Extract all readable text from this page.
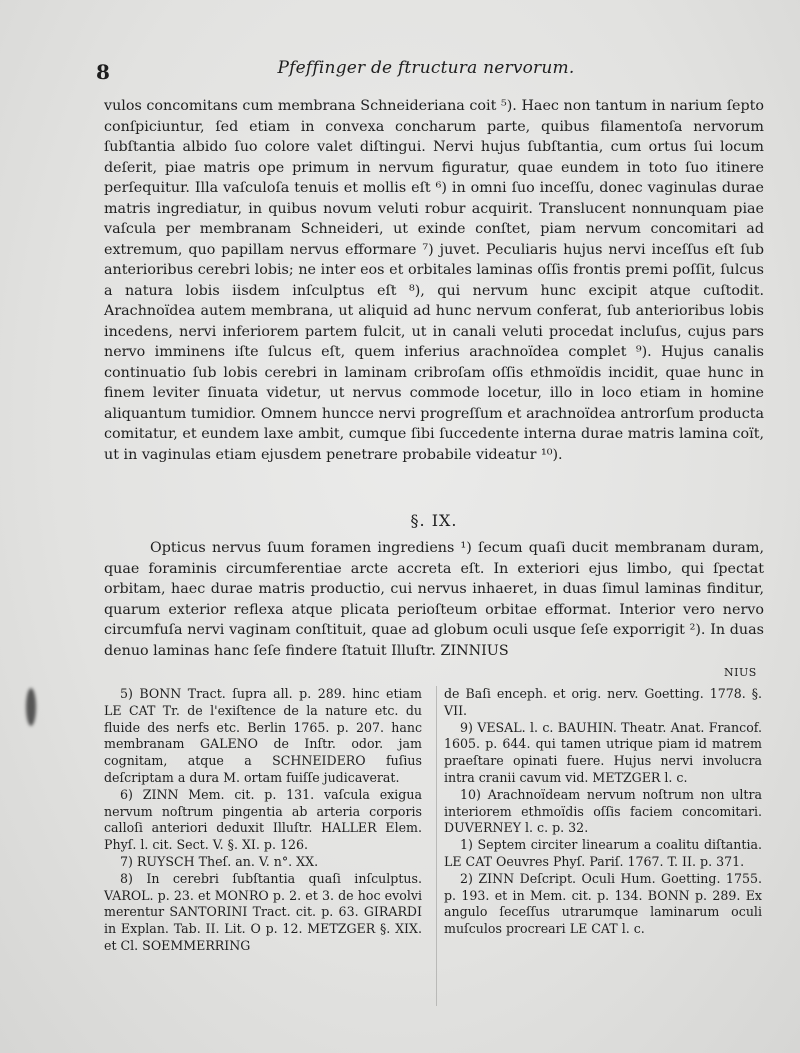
8	Pfeffinger de ftructura nervorum.

vulos concomitans cum membrana Schneideriana coit ⁵). Haec non tantum in narium ſepto conſpiciuntur, ſed etiam in convexa concharum parte, quibus filamentoſa nervorum ſubſtantia albido ſuo colore valet diſtingui. Nervi hujus ſubſtantia, cum ortus ſui locum deſerit, piae matris ope primum in nervum figuratur, quae eundem in toto ſuo itinere perſequitur. Illa vaſculoſa tenuis et mollis eſt ⁶) in omni ſuo inceſſu, donec vaginulas durae matris ingrediatur, in quibus novum veluti robur acquirit. Translucent nonnunquam piae vaſcula per membranam Schneideri, ut exinde conſtet, piam nervum concomitari ad extremum, quo papillam nervus efformare ⁷) juvet. Peculiaris hujus nervi inceſſus eſt ſub anterioribus cerebri lobis; ne inter eos et orbitales laminas oſſis frontis premi poſſit, ſulcus a natura lobis iisdem inſculptus eſt ⁸), qui nervum hunc excipit atque cuſtodit. Arachnoïdea autem membrana, ut aliquid ad hunc nervum conferat, ſub anterioribus lobis incedens, nervi inferiorem partem fulcit, ut in canali veluti procedat incluſus, cujus pars nervo imminens iſte ſulcus eſt, quem inferius arachnoïdea complet ⁹). Hujus canalis continuatio ſub lobis cerebri in laminam cribroſam oſſis ethmoïdis incidit, quae hunc in finem leviter ſinuata videtur, ut nervus commode locetur, illo in loco etiam in homine aliquantum tumidior. Omnem huncce nervi progreſſum et arachnoïdea antrorſum producta comitatur, et eundem laxe ambit, cumque ſibi ſuccedente interna durae matris lamina coït, ut in vaginulas etiam ejusdem penetrare probabile videatur ¹⁰).

§. IX.

Opticus nervus ſuum foramen ingrediens ¹) ſecum quaſi ducit membranam duram, quae foraminis circumferentiae arcte accreta eſt. In exteriori ejus limbo, qui ſpectat orbitam, haec durae matris productio, cui nervus inhaeret, in duas ſimul laminas finditur, quarum exterior reflexa atque plicata perioſteum orbitae efformat. Interior vero nervo circumfuſa nervi vaginam conſtituit, quae ad globum oculi usque ſeſe exporrigit ²). In duas denuo laminas hanc ſeſe findere ſtatuit Illuſtr. ZINNIUS

NIUS

5) BONN Tract. ſupra all. p. 289. hinc etiam LE CAT Tr. de l'exiſtence de la nature etc. du fluide des nerfs etc. Berlin 1765. p. 207. hanc membranam GALENO de Inſtr. odor. jam cognitam, atque a SCHNEIDERO fuſius deſcriptam a dura M. ortam fuiſſe judicaverat.

6) ZINN Mem. cit. p. 131. vaſcula exigua nervum noſtrum pingentia ab arteria corporis calloſi anteriori deduxit Illuſtr. HALLER Elem. Phyſ. l. cit. Sect. V. §. XI. p. 126.

7) RUYSCH Theſ. an. V. n°. XX.

8) In cerebri ſubſtantia quaſi inſculptus. VAROL. p. 23. et MONRO p. 2. et 3. de hoc evolvi merentur SANTORINI Tract. cit. p. 63. GIRARDI in Explan. Tab. II. Lit. O p. 12. METZGER §. XIX. et Cl. SOEMMERRING

de Baſi enceph. et orig. nerv. Goetting. 1778. §. VII.

9) VESAL. l. c. BAUHIN. Theatr. Anat. Francof. 1605. p. 644. qui tamen utrique piam id matrem praeſtare opinati fuere. Hujus nervi involucra intra cranii cavum vid. METZGER l. c.

10) Arachnoïdeam nervum noſtrum non ultra interiorem ethmoïdis oſſis faciem concomitari. DUVERNEY l. c. p. 32.

1) Septem circiter linearum a coalitu diſtantia. LE CAT Oeuvres Phyſ. Pariſ. 1767. T. II. p. 371.

2) ZINN Deſcript. Oculi Hum. Goetting. 1755. p. 193. et in Mem. cit. p. 134. BONN p. 289. Ex angulo ſeceſſus utrarumque laminarum oculi muſculos procreari LE CAT l. c.
